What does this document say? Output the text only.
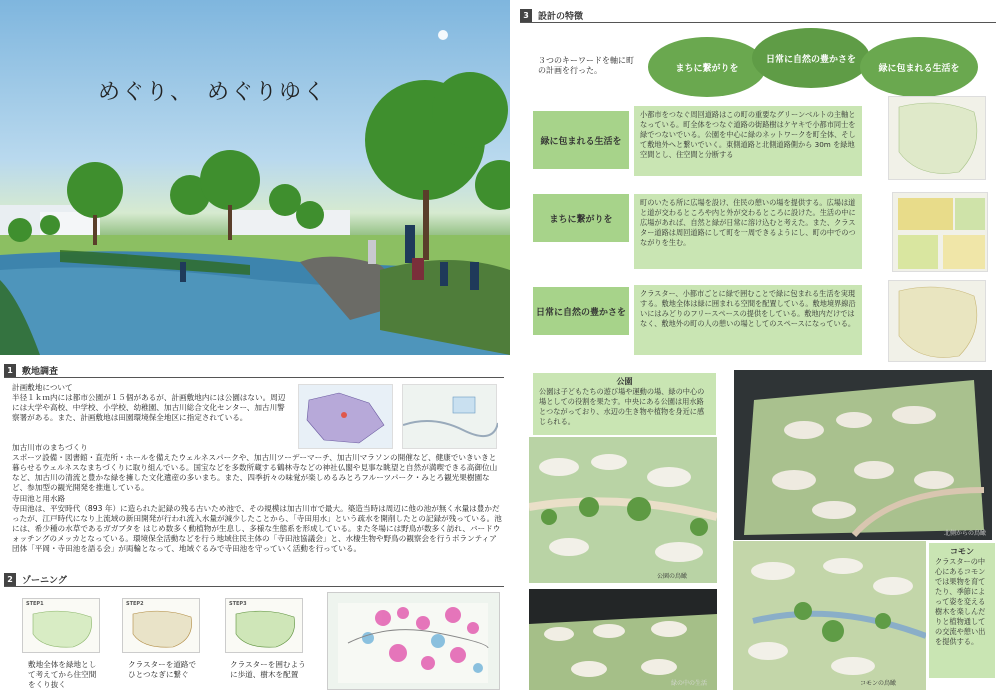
めぐり、　めぐりゆく
1	敷地調査

計画敷地について

半径１ｋｍ内には都市公園が１５個があるが、計画敷地内には公園はない。周辺には大学や高校、中学校、小学校、幼稚園、加古川総合文化センター、加古川警察署がある。また、計画敷地は田園環境保全地区に指定されている。

加古川市のまちづくり

スポーツ設備・図書館・直売所・ホールを備えたウェルネスパークや、加古川ツーデーマーチ、加古川マラソンの開催など、健康でいきいきと暮らせるウェルネスなまちづくりに取り組んでいる。国宝などを多数所蔵する鶴林寺などの神社仏閣や見事な眺望と自然が満喫できる高御位山など、加古川の清流と豊かな緑を擁した文化遺産の多いまち。また、四季折々の味覚が楽しめるみとろフルーツパーク・みとろ観光果樹園など、参加型の観光開発を推進している。

寺田池と用水路

寺田池は、平安時代（893 年）に造られた記録の残る古いため池で、その規模は加古川市で最大。築造当時は周辺に他の池が無く水量は豊かだったが、江戸時代になり上流域の新田開発が行われ流入水量が減少したことから、「寺田用水」という疏水を開削したとの記録が残っている。池には、希少種の水草であるガガブタを はじめ数多く動植物が生息し、多様な生態系を形成している。また冬場には野鳥が数多く訪れ、バードウォッチングのメッカとなっている。環境保全活動などを行う地域住民主体の「寺田池協議会」と、水棲生物や野鳥の観察会を行うボランティア団体「平岡・寺田池を語る会」が両輪となって、地域ぐるみで寺田池を守っていく活動を行っている。

2	ゾーニング
STEP1	STEP2	STEP3
敷地全体を緑地として考えてから住空間をくり抜く
クラスターを道路でひとつなぎに繋ぐ
クラスターを囲むように歩道、樹木を配置
3	設計の特徴
３つのキーワードを軸に町の計画を行った。	まちに繋がりを
日常に自然の豊かさを
緑に包まれる生活を
緑に包まれる生活を
小都市をつなぐ周回道路はこの町の重要なグリーンベルトの主軸となっている。町全体をつなぐ道路の街路樹はケヤキで小都市同士を緑でつないでいる。公園を中心に緑のネットワークを町全体、そして敷地外へと繋いでいく。東側道路と北側道路側から 30m を緑地空間とし、住空間と分断する
まちに繋がりを
町のいたる所に広場を設け、住民の憩いの場を提供する。広場は道と道が交わるところや内と外が交わるところに設けた。生活の中に広場があれば、自然と緑が日常に溶け込むと考えた。また、クラスター道路は周回道路にして町を一周できるようにし、町の中でのつながりを生む。
日常に自然の豊かさを
クラスター、小都市ごとに緑で囲むことで緑に包まれる生活を実現する。敷地全体は緑に囲まれる空間を配置している。敷地境界線沿いにはみどりのフリースペースの提供をしている。敷地内だけではなく、敷地外の町の人の憩いの場としてのスペースになっている。
公園
公園は子どもたちの遊び場や運動の場、緑の中心の場としての役割を果たす。中央にある公園は用水路とつながっており、水辺の生き物や植物を身近に感じられる。
公園の鳥瞰
北側からの鳥瞰
緑の中の生活	コモンの鳥瞰
コモン
クラスターの中心にあるコモンでは果物を育てたり、季節によって姿を変える樹木を楽しんだりと植物通しての交流や憩い出を提供する。
